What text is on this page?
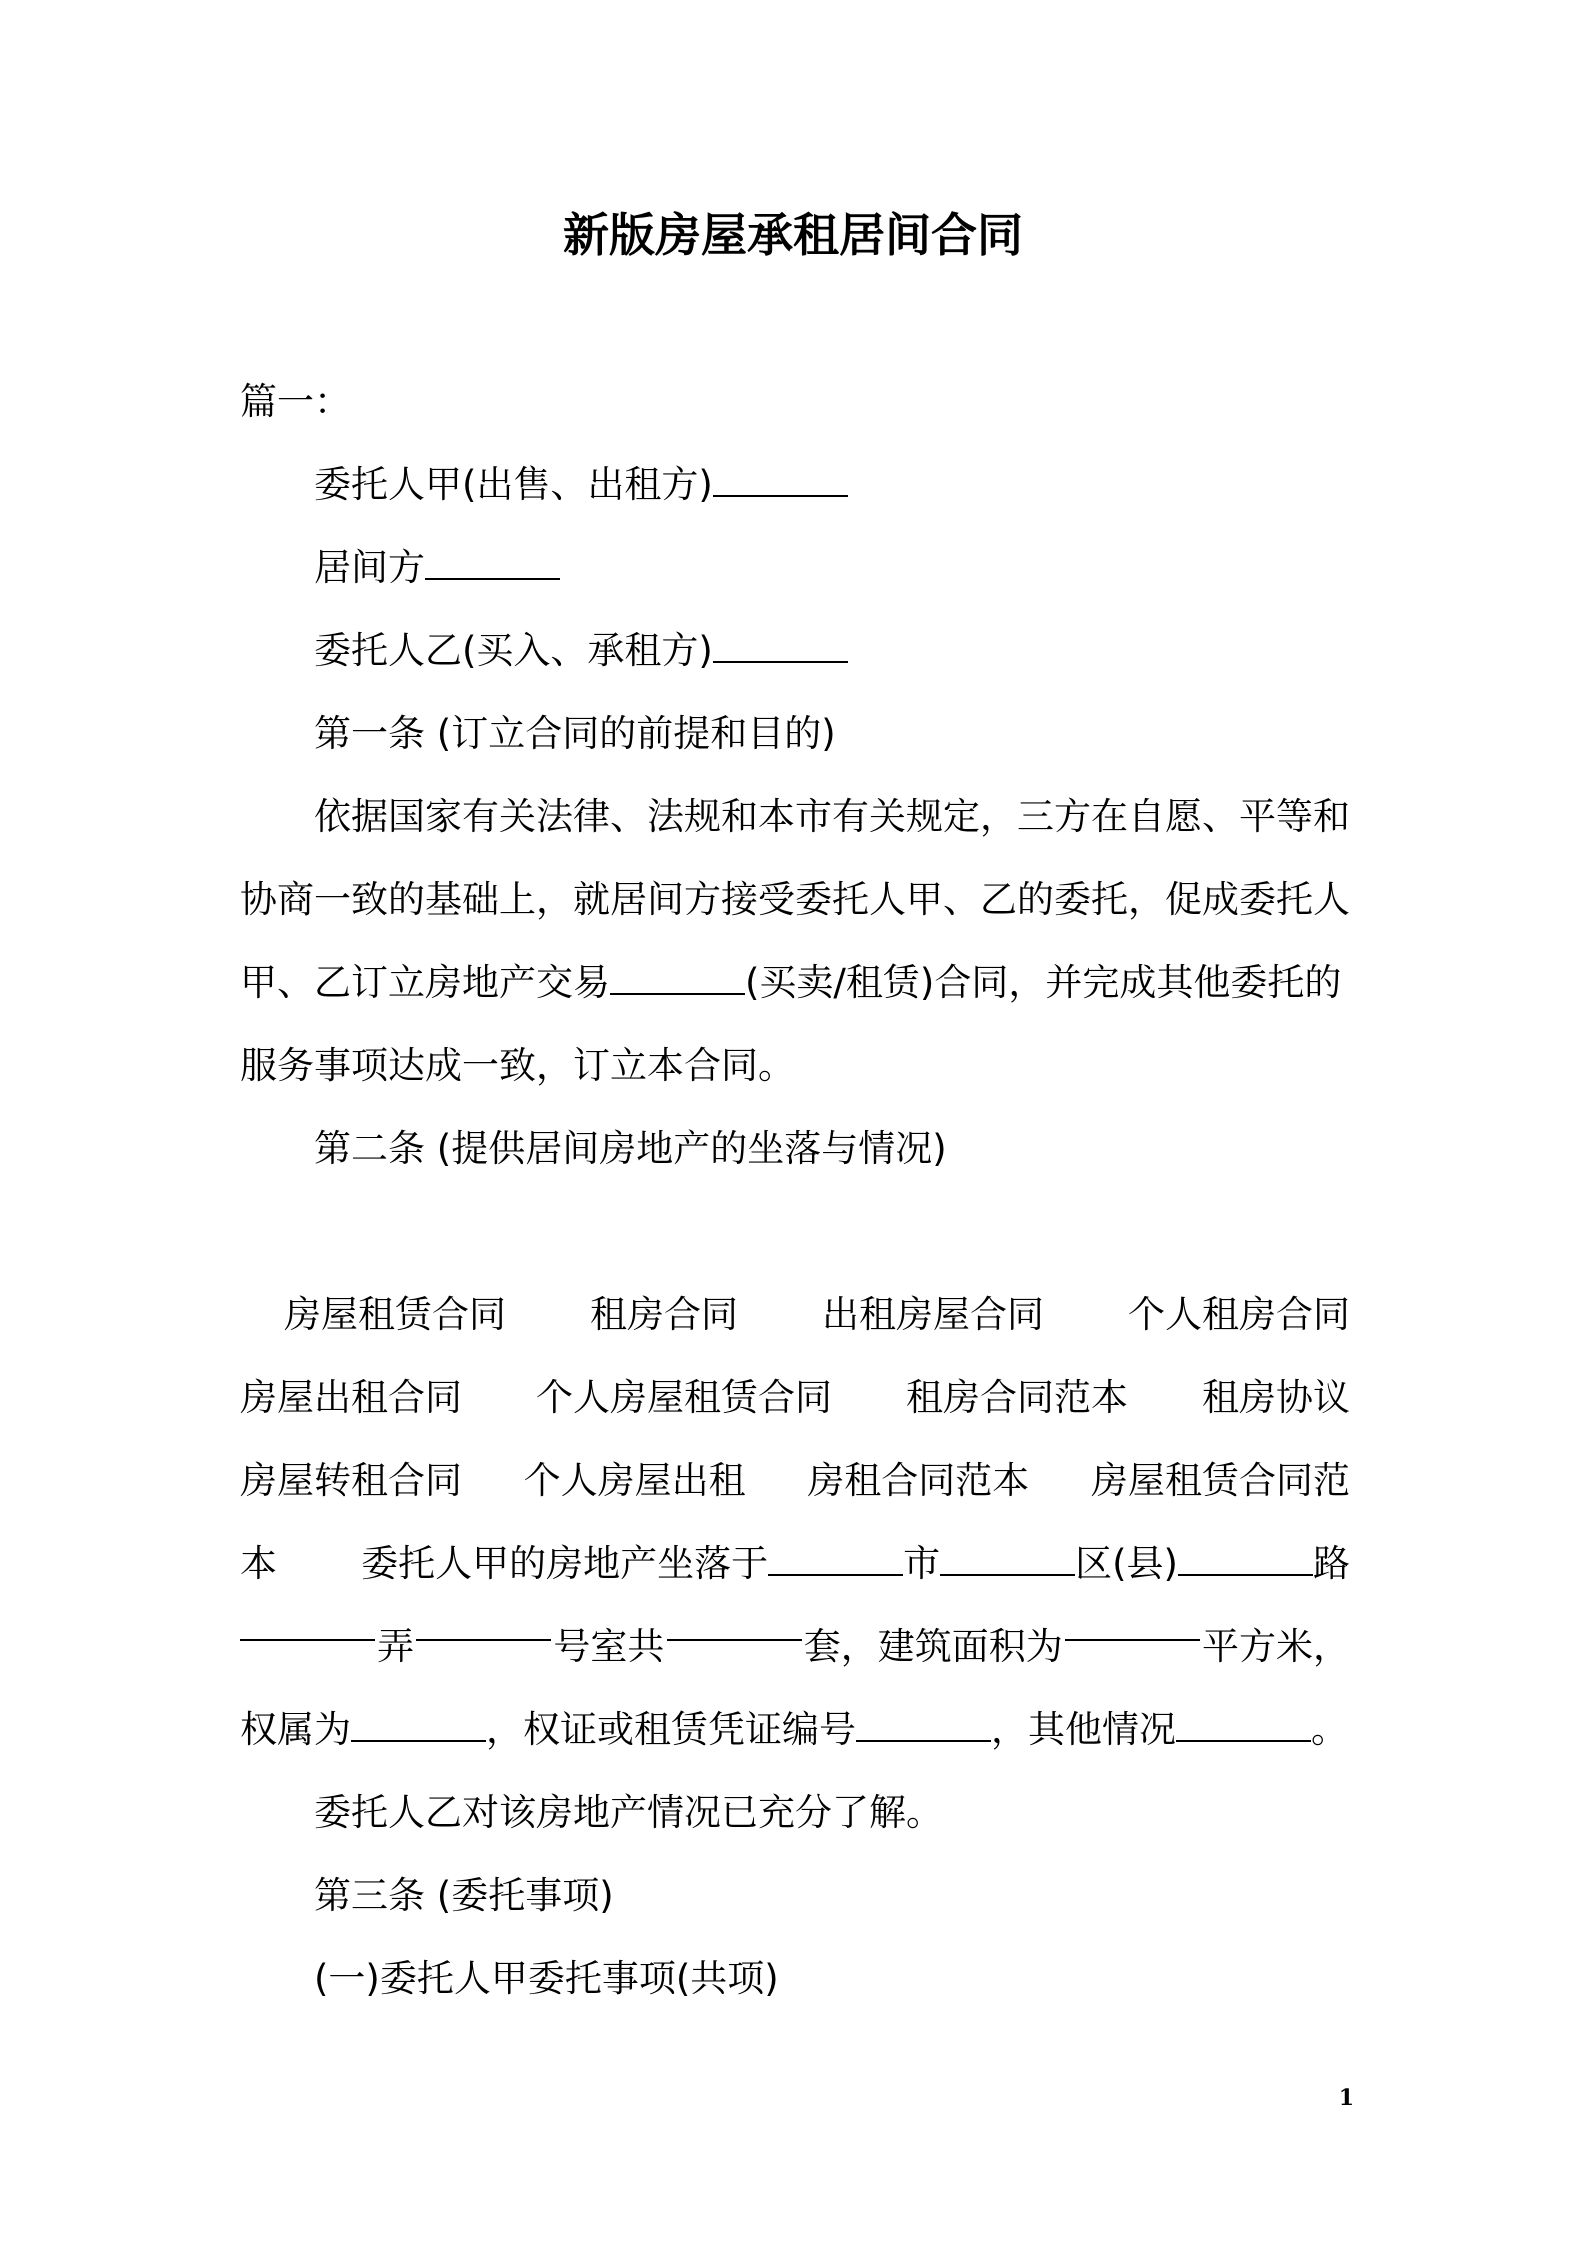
新版房屋承租居间合同
篇一：
委托人甲(出售、出租方)
居间方
委托人乙(买入、承租方)
第一条 (订立合同的前提和目的)
依据国家有关法律、法规和本市有关规定，三方在自愿、平等和
协商一致的基础上，就居间方接受委托人甲、乙的委托，促成委托人
甲、乙订立房地产交易	(买卖/租赁)合同，并完成其他委托的
服务事项达成一致，订立本合同。
第二条 (提供居间房地产的坐落与情况)
房屋租赁合同 租房合同 出租房屋合同 个人租房合同
房屋出租合同 个人房屋租赁合同 租房合同范本 租房协议
房屋转租合同 个人房屋出租 房租合同范本 房屋租赁合同范
本 委托人甲的房地产坐落于	市	区(县)	路
弄	号室共	套，建筑面积为	平方米，
权属为	，权证或租赁凭证编号	，其他情况	。
委托人乙对该房地产情况已充分了解。
第三条 (委托事项)
(一)委托人甲委托事项(共项)
1
